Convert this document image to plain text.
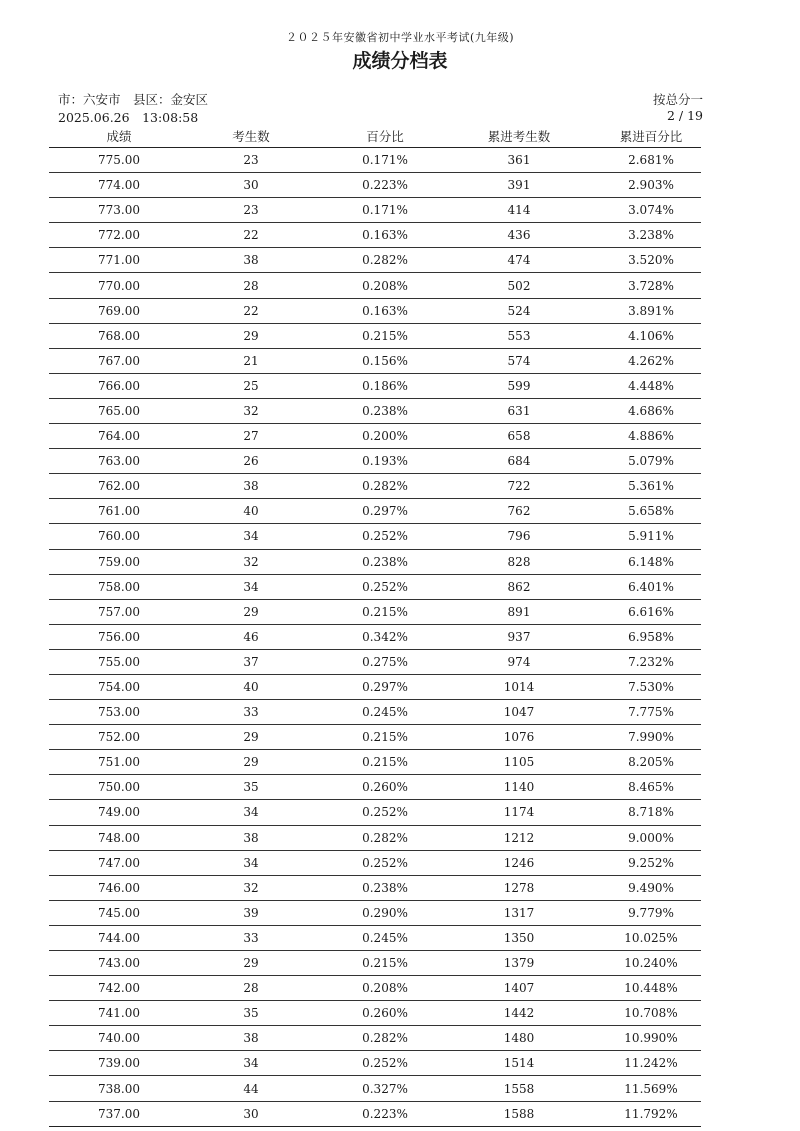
２０２５年安徽省初中学业水平考试(九年级)
成绩分档表
市：六安市　县区：金安区
2025.06.26　13:08:58
按总分一
2 / 19
成绩	考生数	百分比	累进考生数	累进百分比
775.00	23	0.171%	361	2.681%
774.00	30	0.223%	391	2.903%
773.00	23	0.171%	414	3.074%
772.00	22	0.163%	436	3.238%
771.00	38	0.282%	474	3.520%
770.00	28	0.208%	502	3.728%
769.00	22	0.163%	524	3.891%
768.00	29	0.215%	553	4.106%
767.00	21	0.156%	574	4.262%
766.00	25	0.186%	599	4.448%
765.00	32	0.238%	631	4.686%
764.00	27	0.200%	658	4.886%
763.00	26	0.193%	684	5.079%
762.00	38	0.282%	722	5.361%
761.00	40	0.297%	762	5.658%
760.00	34	0.252%	796	5.911%
759.00	32	0.238%	828	6.148%
758.00	34	0.252%	862	6.401%
757.00	29	0.215%	891	6.616%
756.00	46	0.342%	937	6.958%
755.00	37	0.275%	974	7.232%
754.00	40	0.297%	1014	7.530%
753.00	33	0.245%	1047	7.775%
752.00	29	0.215%	1076	7.990%
751.00	29	0.215%	1105	8.205%
750.00	35	0.260%	1140	8.465%
749.00	34	0.252%	1174	8.718%
748.00	38	0.282%	1212	9.000%
747.00	34	0.252%	1246	9.252%
746.00	32	0.238%	1278	9.490%
745.00	39	0.290%	1317	9.779%
744.00	33	0.245%	1350	10.025%
743.00	29	0.215%	1379	10.240%
742.00	28	0.208%	1407	10.448%
741.00	35	0.260%	1442	10.708%
740.00	38	0.282%	1480	10.990%
739.00	34	0.252%	1514	11.242%
738.00	44	0.327%	1558	11.569%
737.00	30	0.223%	1588	11.792%
